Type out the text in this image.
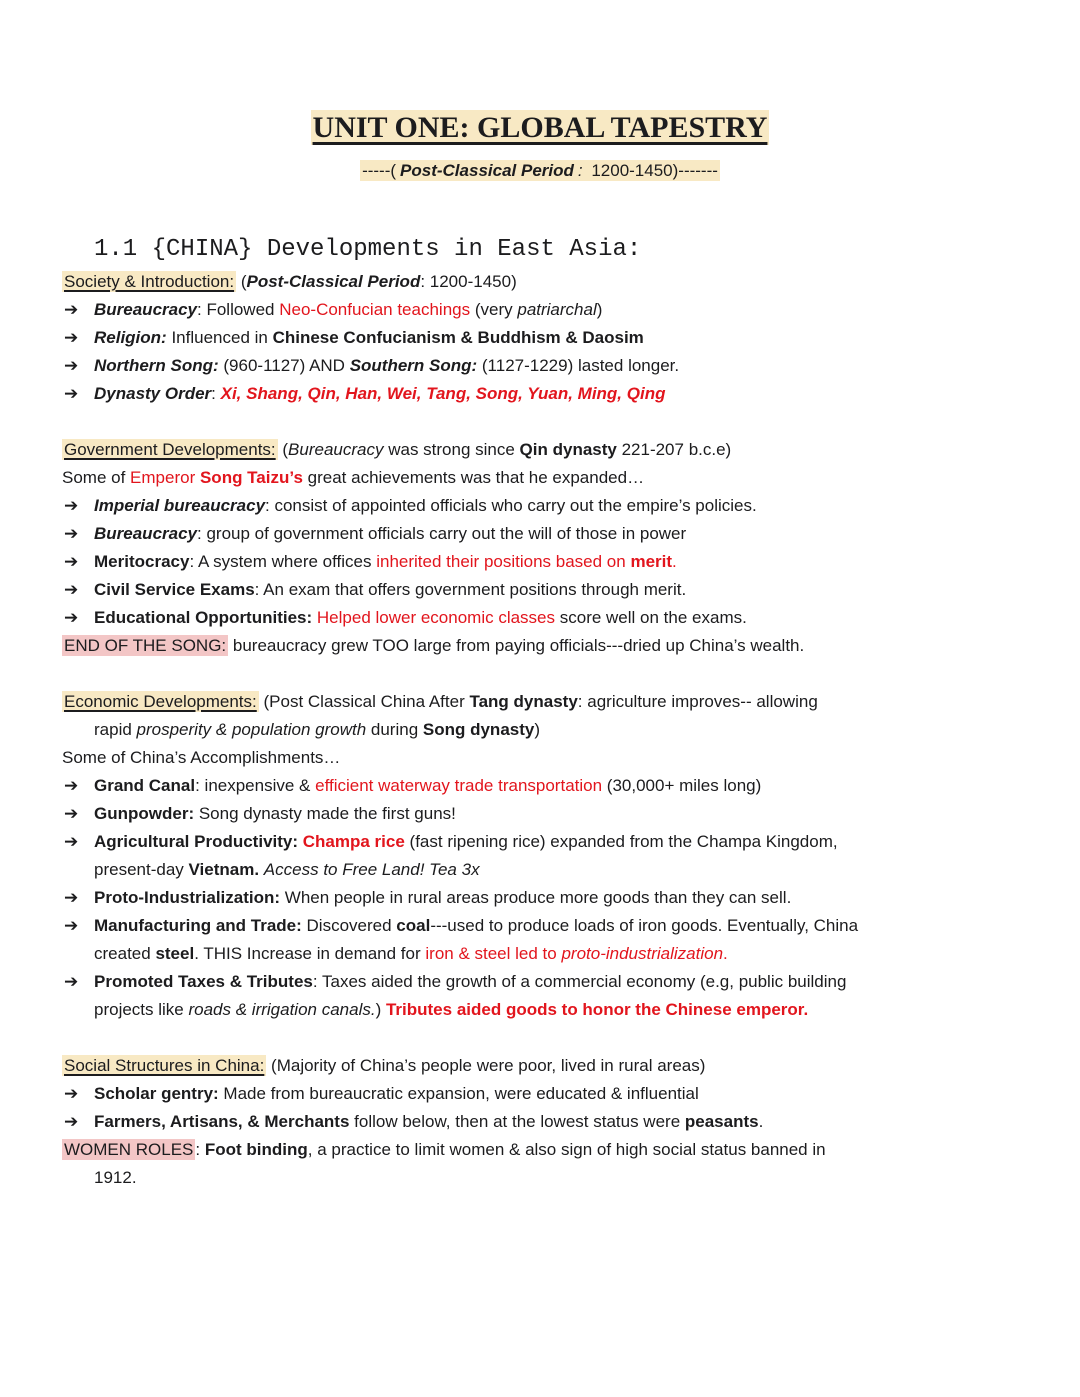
UNIT ONE: GLOBAL TAPESTRY
-----( Post-Classical Period : 1200-1450)-------
1.1 {CHINA} Developments in East Asia:
Society & Introduction: (Post-Classical Period: 1200-1450)
➔ Bureaucracy: Followed Neo-Confucian teachings (very patriarchal)
➔ Religion: Influenced in Chinese Confucianism & Buddhism & Daosim
➔ Northern Song: (960-1127) AND Southern Song: (1127-1229) lasted longer.
➔ Dynasty Order: Xi, Shang, Qin, Han, Wei, Tang, Song, Yuan, Ming, Qing
Government Developments: (Bureaucracy was strong since Qin dynasty 221-207 b.c.e)
Some of Emperor Song Taizu’s great achievements was that he expanded…
➔ Imperial bureaucracy: consist of appointed officials who carry out the empire’s policies.
➔ Bureaucracy: group of government officials carry out the will of those in power
➔ Meritocracy: A system where offices inherited their positions based on merit.
➔ Civil Service Exams: An exam that offers government positions through merit.
➔ Educational Opportunities: Helped lower economic classes score well on the exams.
END OF THE SONG: bureaucracy grew TOO large from paying officials---dried up China’s wealth.
Economic Developments: (Post Classical China After Tang dynasty: agriculture improves-- allowing
rapid prosperity & population growth during Song dynasty)
Some of China’s Accomplishments…
➔ Grand Canal: inexpensive & efficient waterway trade transportation (30,000+ miles long)
➔ Gunpowder: Song dynasty made the first guns!
➔ Agricultural Productivity: Champa rice (fast ripening rice) expanded from the Champa Kingdom,
present-day Vietnam. Access to Free Land! Tea 3x
➔ Proto-Industrialization: When people in rural areas produce more goods than they can sell.
➔ Manufacturing and Trade: Discovered coal---used to produce loads of iron goods. Eventually, China
created steel. THIS Increase in demand for iron & steel led to proto-industrialization.
➔ Promoted Taxes & Tributes: Taxes aided the growth of a commercial economy (e.g, public building
projects like roads & irrigation canals.) Tributes aided goods to honor the Chinese emperor.
Social Structures in China: (Majority of China’s people were poor, lived in rural areas)
➔ Scholar gentry: Made from bureaucratic expansion, were educated & influential
➔ Farmers, Artisans, & Merchants follow below, then at the lowest status were peasants.
WOMEN ROLES : Foot binding, a practice to limit women & also sign of high social status banned in
1912.
